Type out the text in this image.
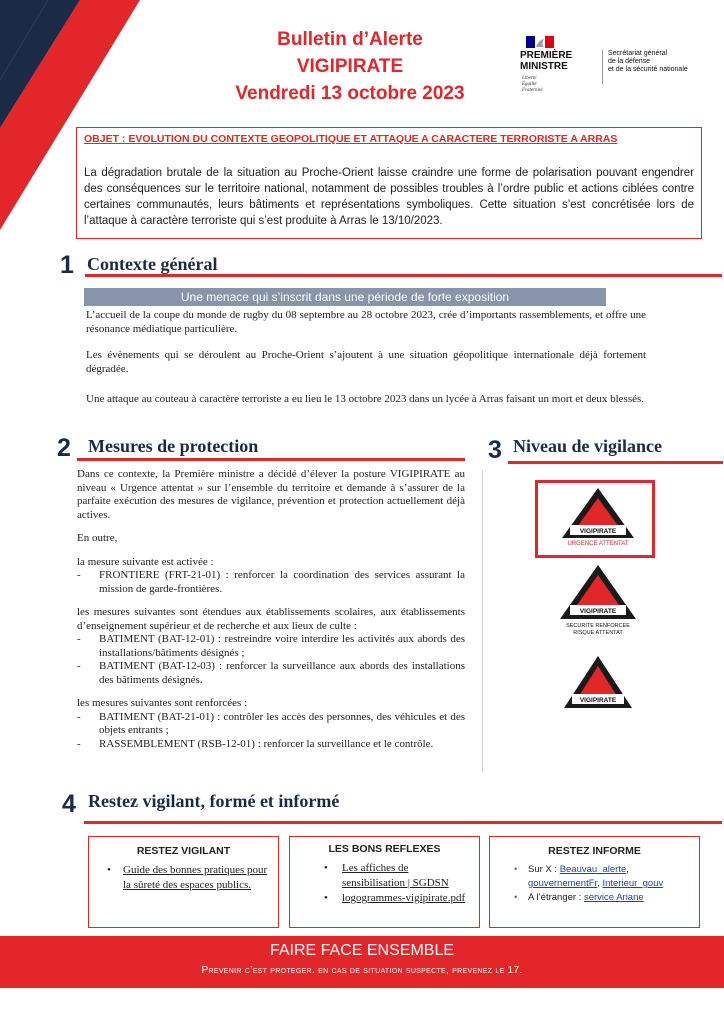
Bulletin d’Alerte
VIGIPIRATE
Vendredi 13 octobre 2023
PREMIÈRE
MINISTRE
Liberté
Égalité
Fraternité
Secrétariat général
de la défense
et de la sécurité nationale
OBJET : EVOLUTION DU CONTEXTE GEOPOLITIQUE ET ATTAQUE A CARACTERE TERRORISTE A ARRAS
La dégradation brutale de la situation au Proche-Orient laisse craindre une forme de polarisation pouvant engendrer des conséquences sur le territoire national, notamment de possibles troubles à l’ordre public et actions ciblées contre certaines communautés, leurs bâtiments et représentations symboliques. Cette situation s’est concrétisée lors de l’attaque à caractère terroriste qui s’est produite à Arras le 13/10/2023.
1 Contexte général
Une menace qui s’inscrit dans une période de forte exposition
L’accueil de la coupe du monde de rugby du 08 septembre au 28 octobre 2023, crée d’importants rassemblements, et offre une résonance médiatique particulière.
Les évènements qui se déroulent au Proche-Orient s’ajoutent à une situation géopolitique internationale déjà fortement dégradée.
Une attaque au couteau à caractère terroriste a eu lieu le 13 octobre 2023 dans un lycée à Arras faisant un mort et deux blessés.
2 Mesures de protection

Dans ce contexte, la Première ministre a décidé d’élever la posture VIGIPIRATE au niveau « Urgence attentat » sur l’ensemble du territoire et demande à s’assurer de la parfaite exécution des mesures de vigilance, prévention et protection actuellement déjà actives.

En outre,

la mesure suivante est activée :

- FRONTIERE (FRT-21-01) : renforcer la coordination des services assurant la mission de garde-frontières.

les mesures suivantes sont étendues aux établissements scolaires, aux établissements d’enseignement supérieur et de recherche et aux lieux de culte :

- BATIMENT (BAT-12-01) : restreindre voire interdire les activités aux abords des installations/bâtiments désignés ;
- BATIMENT (BAT-12-03) : renforcer la surveillance aux abords des installations des bâtiments désignés.

les mesures suivantes sont renforcées :

- BATIMENT (BAT-21-01) : contrôler les accès des personnes, des véhicules et des objets entrants ;
- RASSEMBLEMENT (RSB-12-01) : renforcer la surveillance et le contrôle.
3 Niveau de vigilance
VIGIPIRATE
URGENCE ATTENTAT
VIGIPIRATE
SECURITE RENFORCEE
RISQUE ATTENTAT
VIGIPIRATE
4 Restez vigilant, formé et informé
RESTEZ VIGILANT
• Guide des bonnes pratiques pour la sûreté des espaces publics.
LES BONS REFLEXES
• Les affiches de sensibilisation | SGDSN
• logogrammes-vigipirate.pdf
RESTEZ INFORME
• Sur X : Beauvau_alerte, gouvernementFr, Interieur_gouv
• A l’étranger : service Ariane
FAIRE FACE ENSEMBLE
Prevenir c’est proteger. en cas de situation suspecte, prevenez le 17.
